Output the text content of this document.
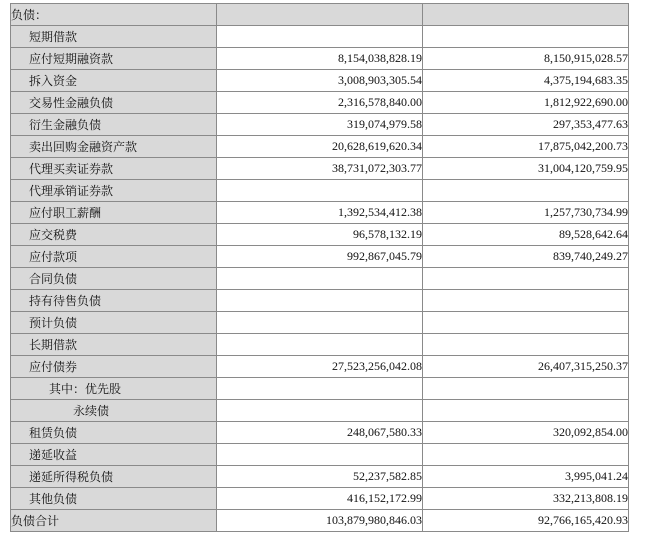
负债：		
短期借款		
应付短期融资款	8,154,038,828.19	8,150,915,028.57
拆入资金	3,008,903,305.54	4,375,194,683.35
交易性金融负债	2,316,578,840.00	1,812,922,690.00
衍生金融负债	319,074,979.58	297,353,477.63
卖出回购金融资产款	20,628,619,620.34	17,875,042,200.73
代理买卖证券款	38,731,072,303.77	31,004,120,759.95
代理承销证券款		
应付职工薪酬	1,392,534,412.38	1,257,730,734.99
应交税费	96,578,132.19	89,528,642.64
应付款项	992,867,045.79	839,740,249.27
合同负债		
持有待售负债		
预计负债		
长期借款		
应付债券	27,523,256,042.08	26,407,315,250.37
其中：优先股		
永续债		
租赁负债	248,067,580.33	320,092,854.00
递延收益		
递延所得税负债	52,237,582.85	3,995,041.24
其他负债	416,152,172.99	332,213,808.19
负债合计	103,879,980,846.03	92,766,165,420.93
